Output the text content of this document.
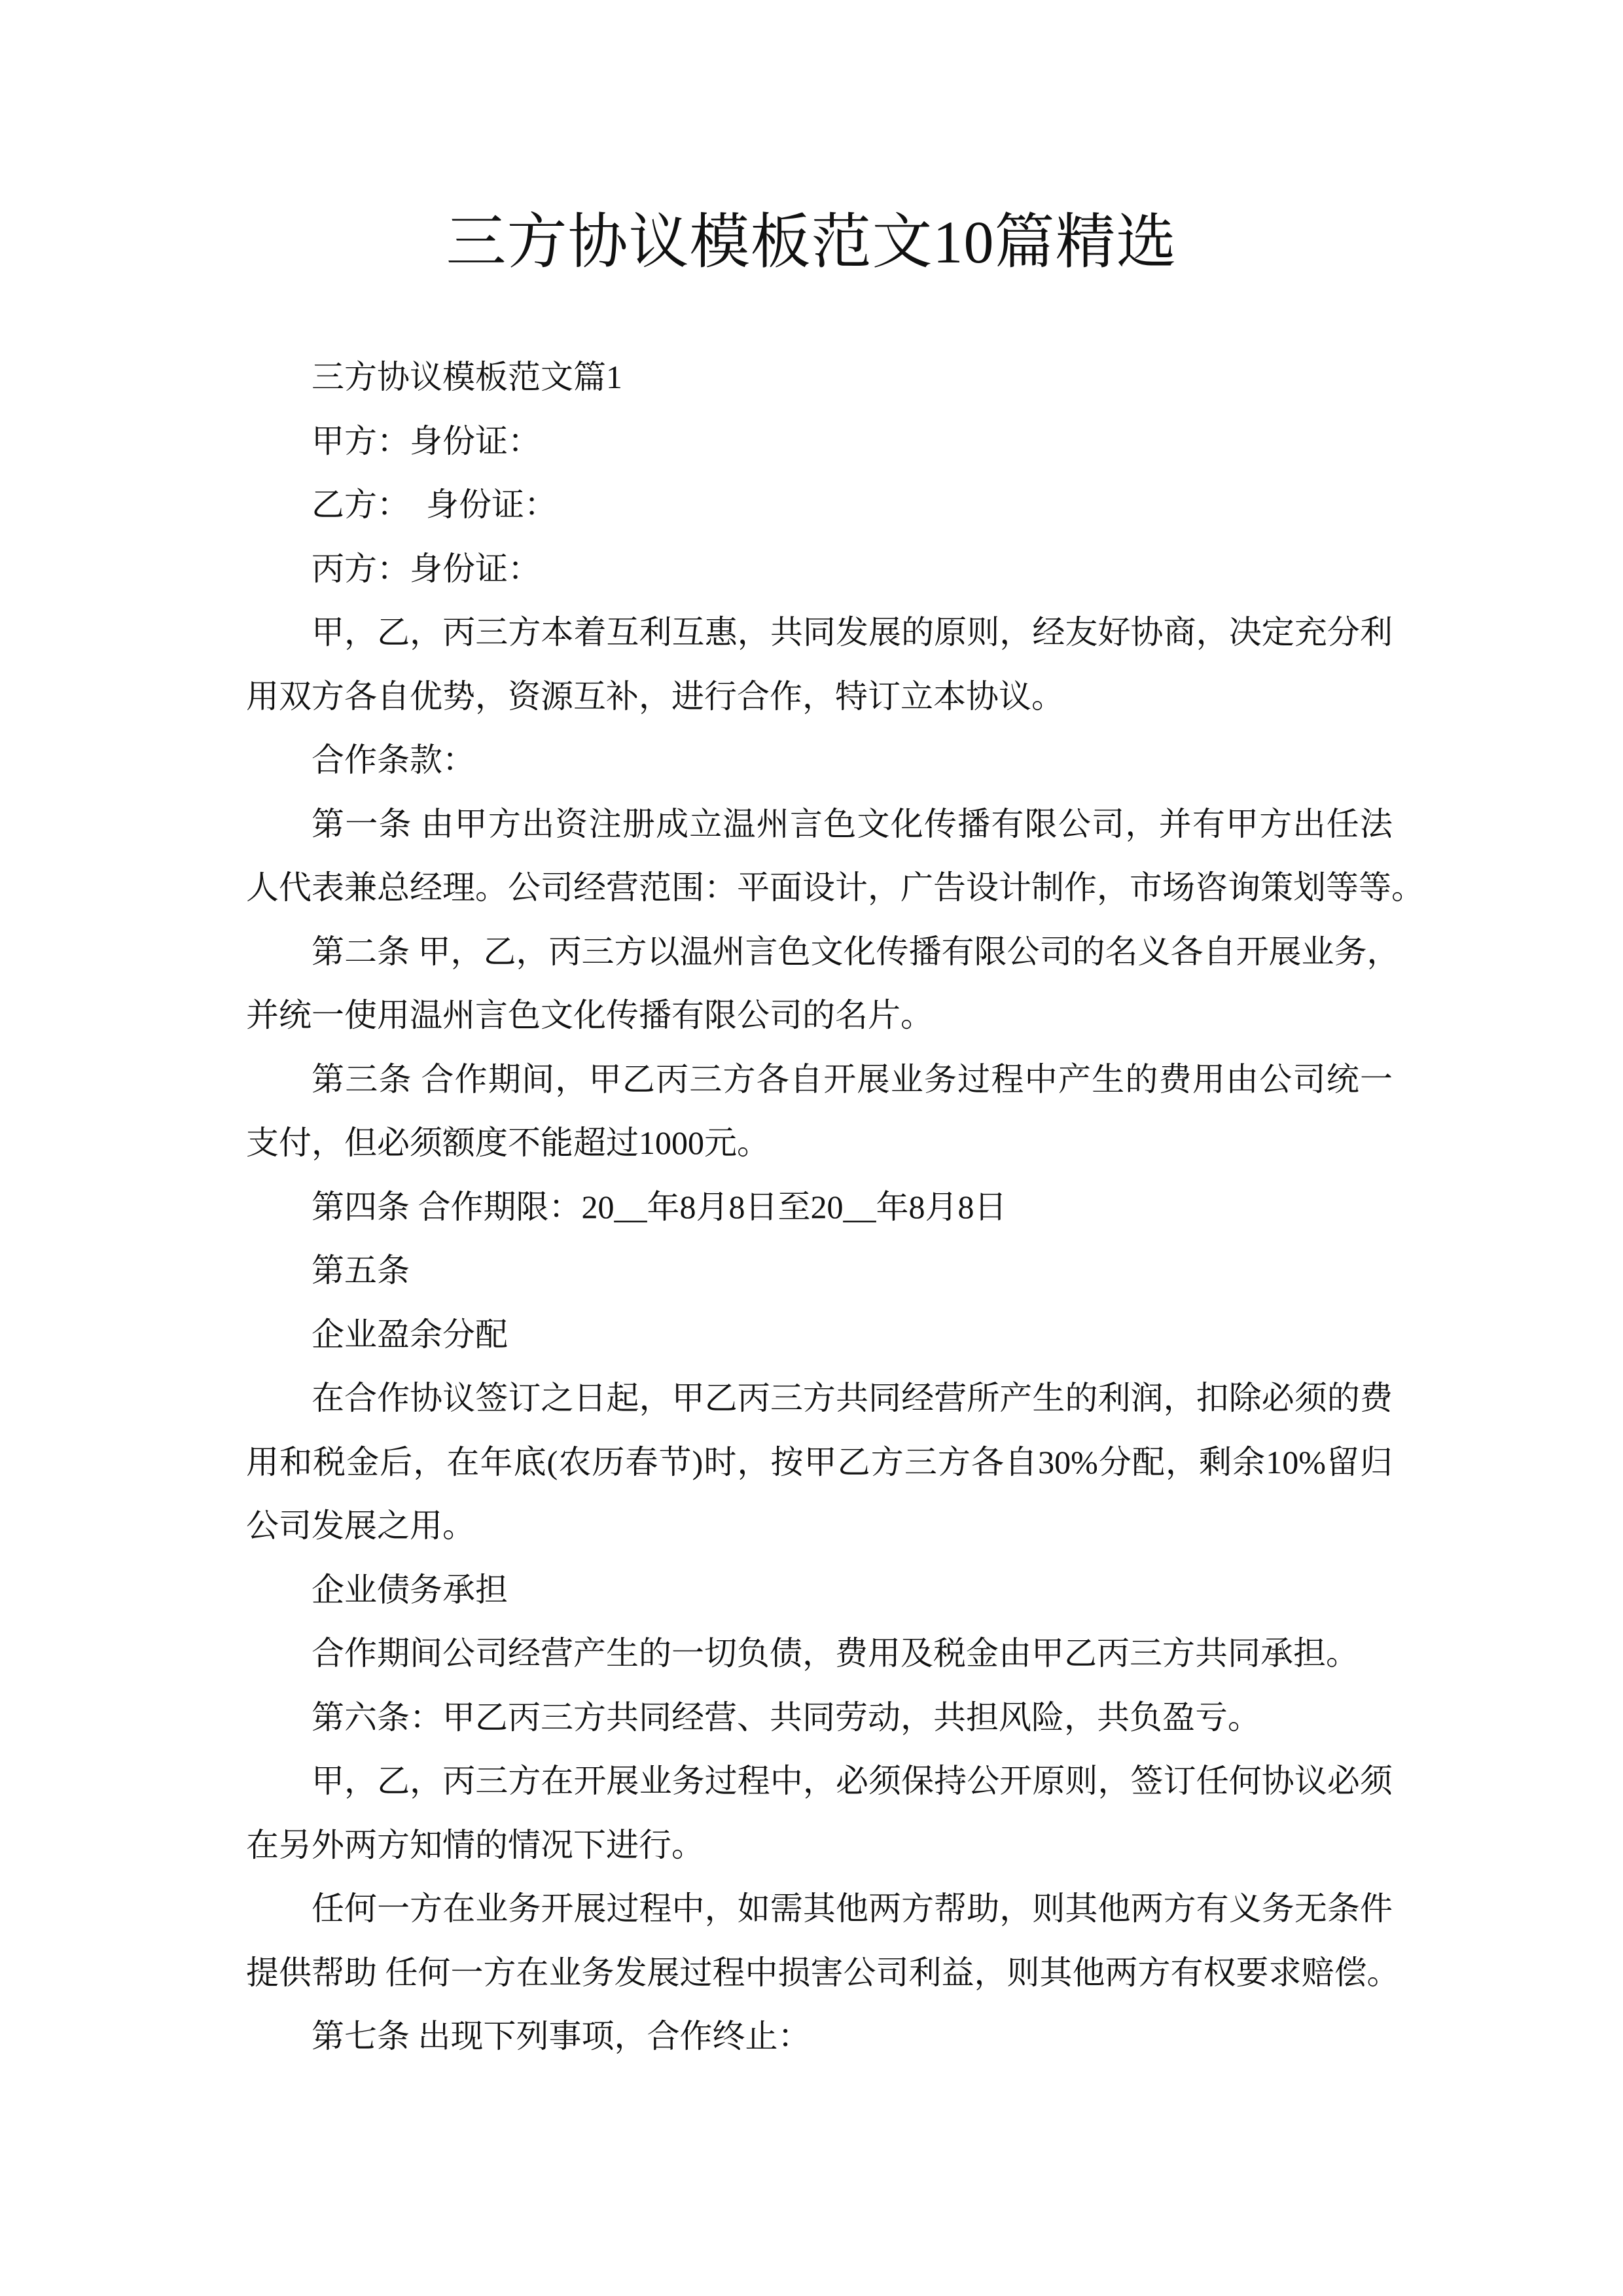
三方协议模板范文10篇精选
三方协议模板范文篇1
甲方：身份证：
乙方：　身份证：
丙方：身份证：
甲，乙，丙三方本着互利互惠，共同发展的原则，经友好协商，决定充分利
用双方各自优势，资源互补，进行合作，特订立本协议。
合作条款：
第一条 由甲方出资注册成立温州言色文化传播有限公司，并有甲方出任法
人代表兼总经理。公司经营范围：平面设计，广告设计制作，市场咨询策划等等。
第二条 甲，乙，丙三方以温州言色文化传播有限公司的名义各自开展业务，
并统一使用温州言色文化传播有限公司的名片。
第三条 合作期间，甲乙丙三方各自开展业务过程中产生的费用由公司统一
支付，但必须额度不能超过1000元。
第四条 合作期限：20__年8月8日至20__年8月8日
第五条
企业盈余分配
在合作协议签订之日起，甲乙丙三方共同经营所产生的利润，扣除必须的费
用和税金后，在年底(农历春节)时，按甲乙方三方各自30%分配，剩余10%留归
公司发展之用。
企业债务承担
合作期间公司经营产生的一切负债，费用及税金由甲乙丙三方共同承担。
第六条：甲乙丙三方共同经营、共同劳动，共担风险，共负盈亏。
甲，乙，丙三方在开展业务过程中，必须保持公开原则，签订任何协议必须
在另外两方知情的情况下进行。
任何一方在业务开展过程中，如需其他两方帮助，则其他两方有义务无条件
提供帮助 任何一方在业务发展过程中损害公司利益，则其他两方有权要求赔偿。
第七条 出现下列事项，合作终止：
